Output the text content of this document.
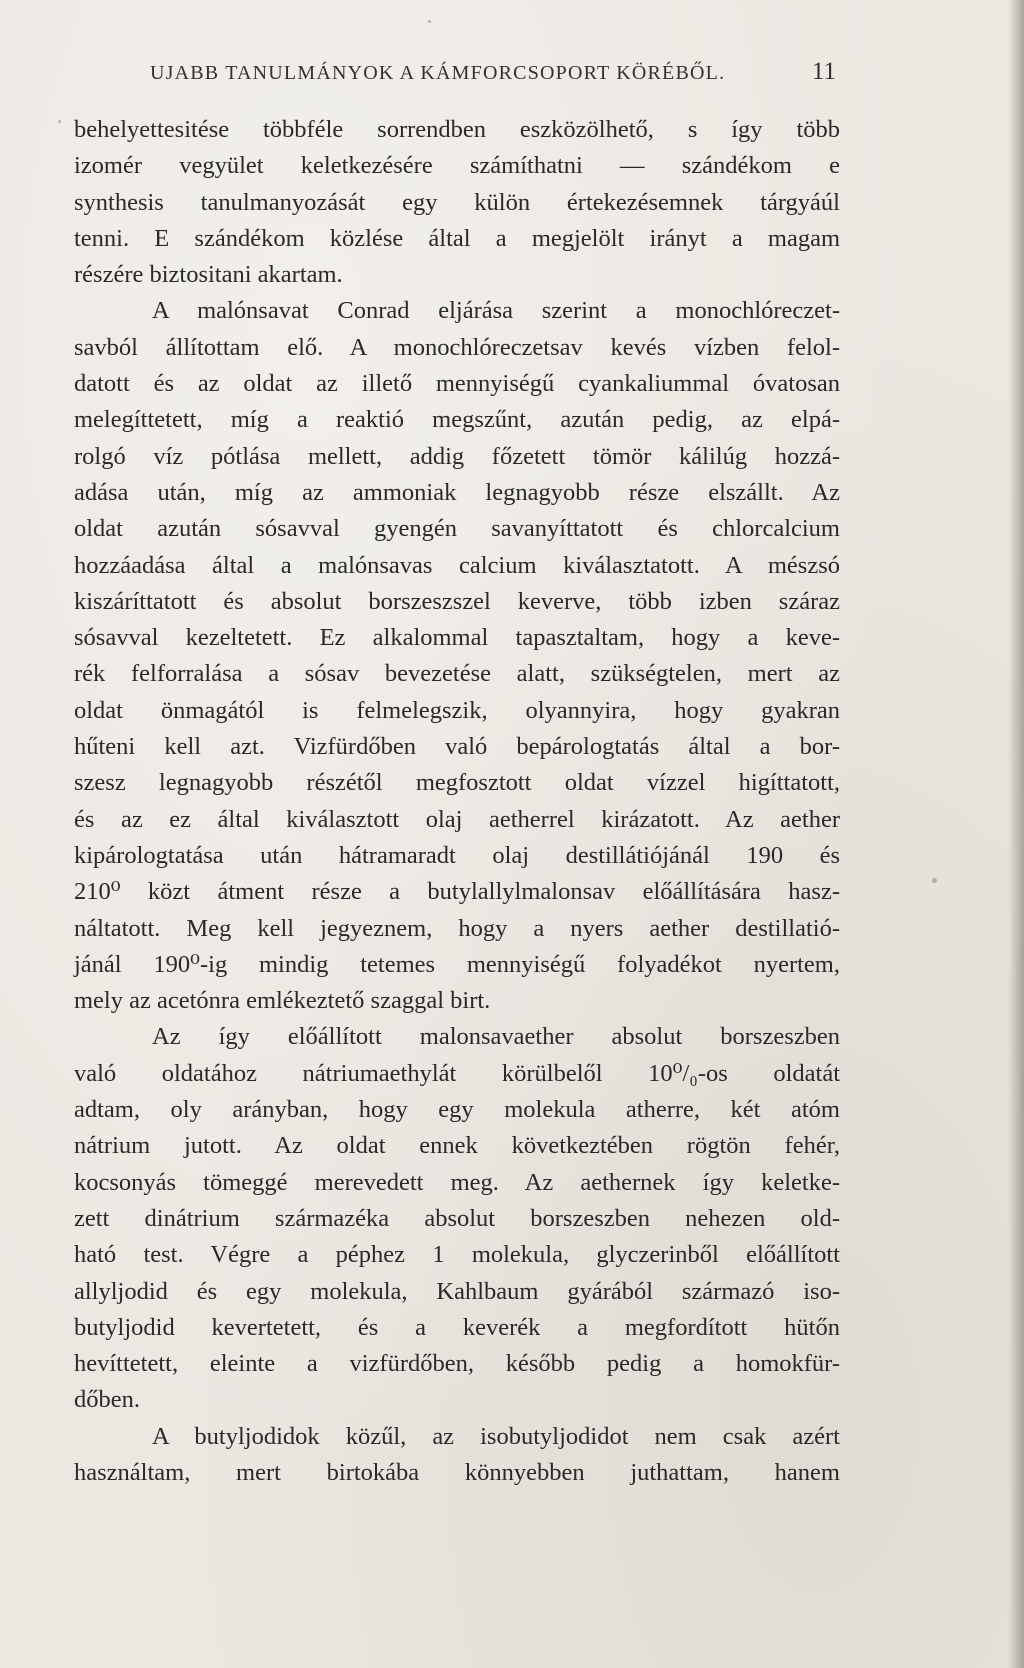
UJABB TANULMÁNYOK A KÁMFORCSOPORT KÖRÉBŐL.	11
behelyettesitése többféle sorrendben eszközölhető, s így több
izomér vegyület keletkezésére számíthatni — szándékom e
synthesis tanulmanyozását egy külön értekezésemnek tárgyáúl
tenni. E szándékom közlése által a megjelölt irányt a magam
részére biztositani akartam.
A malónsavat Conrad eljárása szerint a monochlóreczet-
savból állítottam elő. A monochlóreczetsav kevés vízben felol-
datott és az oldat az illető mennyiségű cyankaliummal óvatosan
melegíttetett, míg a reaktió megszűnt, azután pedig, az elpá-
rolgó víz pótlása mellett, addig főzetett tömör kálilúg hozzá-
adása után, míg az ammoniak legnagyobb része elszállt. Az
oldat azután sósavval gyengén savanyíttatott és chlorcalcium
hozzáadása által a malónsavas calcium kiválasztatott. A mészsó
kiszáríttatott és absolut borszeszszel keverve, több izben száraz
sósavval kezeltetett. Ez alkalommal tapasztaltam, hogy a keve-
rék felforralása a sósav bevezetése alatt, szükségtelen, mert az
oldat önmagától is felmelegszik, olyannyira, hogy gyakran
hűteni kell azt. Vizfürdőben való bepárologtatás által a bor-
szesz legnagyobb részétől megfosztott oldat vízzel higíttatott,
és az ez által kiválasztott olaj aetherrel kirázatott. Az aether
kipárologtatása után hátramaradt olaj destillátiójánál 190 és
210⁰ közt átment része a butylallylmalonsav előállítására hasz-
náltatott. Meg kell jegyeznem, hogy a nyers aether destillatió-
jánál 190⁰-ig mindig tetemes mennyiségű folyadékot nyertem,
mely az acetónra emlékeztető szaggal birt.
Az így előállított malonsavaether absolut borszeszben
való oldatához nátriumaethylát körülbelől 10⁰/₀-os oldatát
adtam, oly arányban, hogy egy molekula atherre, két atóm
nátrium jutott. Az oldat ennek következtében rögtön fehér,
kocsonyás tömeggé merevedett meg. Az aethernek így keletke-
zett dinátrium származéka absolut borszeszben nehezen old-
ható test. Végre a péphez 1 molekula, glyczerinből előállított
allyljodid és egy molekula, Kahlbaum gyárából származó iso-
butyljodid kevertetett, és a keverék a megfordított hütőn
hevíttetett, eleinte a vizfürdőben, később pedig a homokfür-
dőben.
A butyljodidok közűl, az isobutyljodidot nem csak azért
használtam, mert birtokába könnyebben juthattam, hanem
